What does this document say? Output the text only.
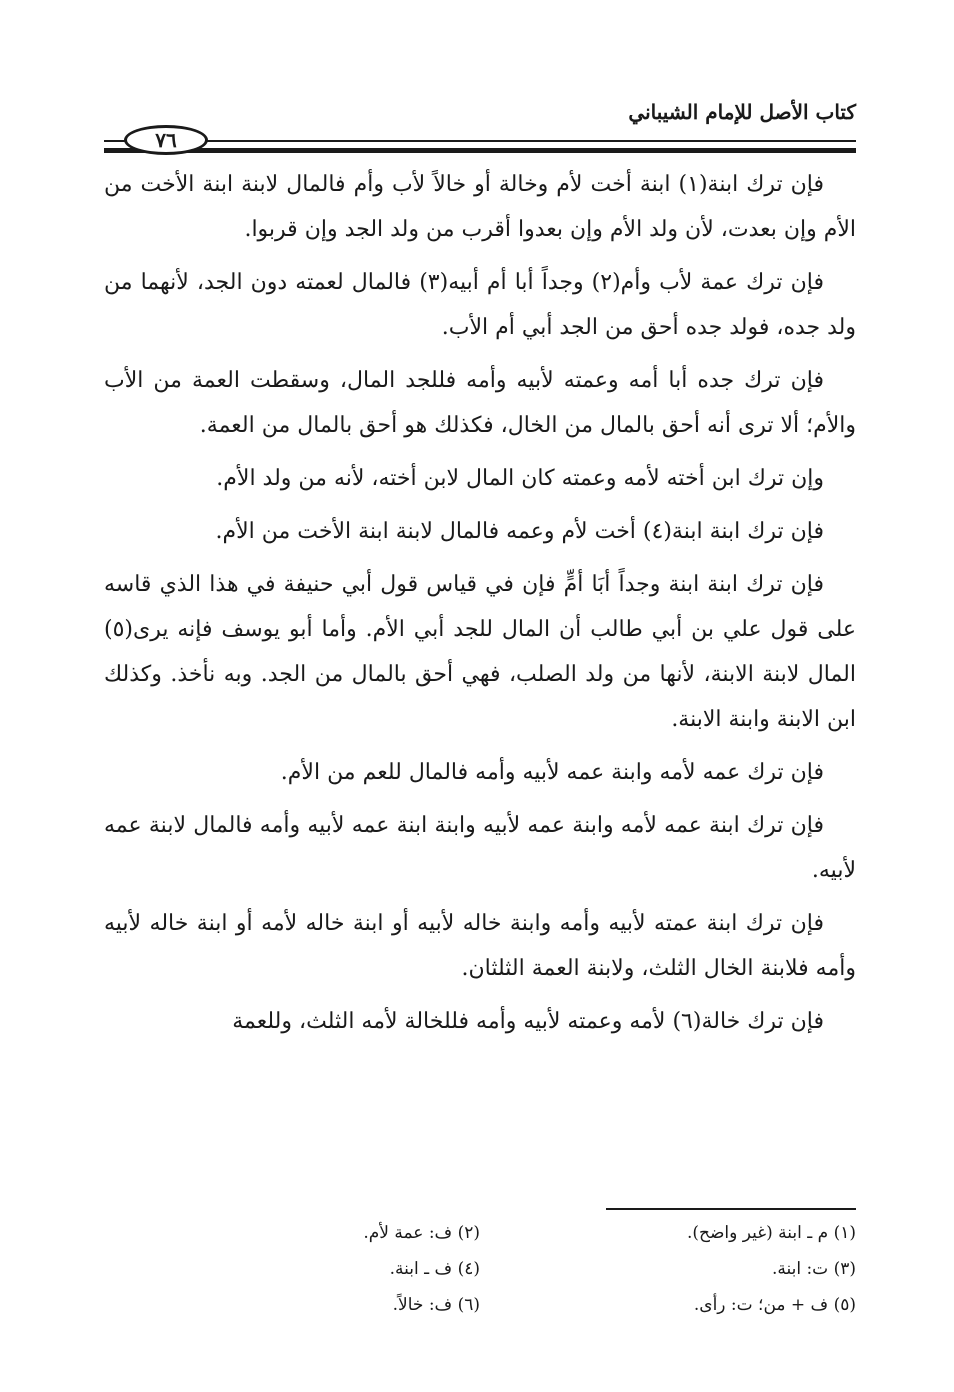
كتاب الأصل للإمام الشيباني
٧٦

فإن ترك ابنة(١) ابنة أخت لأم وخالة أو خالاً لأب وأم فالمال لابنة ابنة الأخت من الأم وإن بعدت، لأن ولد الأم وإن بعدوا أقرب من ولد الجد وإن قربوا.

فإن ترك عمة لأب وأم(٢) وجداً أبا أم أبيه(٣) فالمال لعمته دون الجد، لأنهما من ولد جده، فولد جده أحق من الجد أبي أم الأب.

فإن ترك جده أبا أمه وعمته لأبيه وأمه فللجد المال، وسقطت العمة من الأب والأم؛ ألا ترى أنه أحق بالمال من الخال، فكذلك هو أحق بالمال من العمة.

وإن ترك ابن أخته لأمه وعمته كان المال لابن أخته، لأنه من ولد الأم.

فإن ترك ابنة ابنة(٤) أخت لأم وعمه فالمال لابنة ابنة الأخت من الأم.

فإن ترك ابنة ابنة وجداً أبَا أمٍّ فإن في قياس قول أبي حنيفة في هذا الذي قاسه على قول علي بن أبي طالب أن المال للجد أبي الأم. وأما أبو يوسف فإنه يرى(٥) المال لابنة الابنة، لأنها من ولد الصلب، فهي أحق بالمال من الجد. وبه نأخذ. وكذلك ابن الابنة وابنة الابنة.

فإن ترك عمه لأمه وابنة عمه لأبيه وأمه فالمال للعم من الأم.

فإن ترك ابنة عمه لأمه وابنة عمه لأبيه وابنة ابنة عمه لأبيه وأمه فالمال لابنة عمه لأبيه.

فإن ترك ابنة عمته لأبيه وأمه وابنة خاله لأبيه أو ابنة خاله لأمه أو ابنة خاله لأبيه وأمه فلابنة الخال الثلث، ولابنة العمة الثلثان.

فإن ترك خالة(٦) لأمه وعمته لأبيه وأمه فللخالة لأمه الثلث، وللعمة

(١) م ـ ابنة (غير واضح).
(٢) ف: عمة لأم.
(٣) ت: ابنة.
(٤) ف ـ ابنة.
(٥) ف + من؛ ت: رأى.
(٦) ف: خالاً.
